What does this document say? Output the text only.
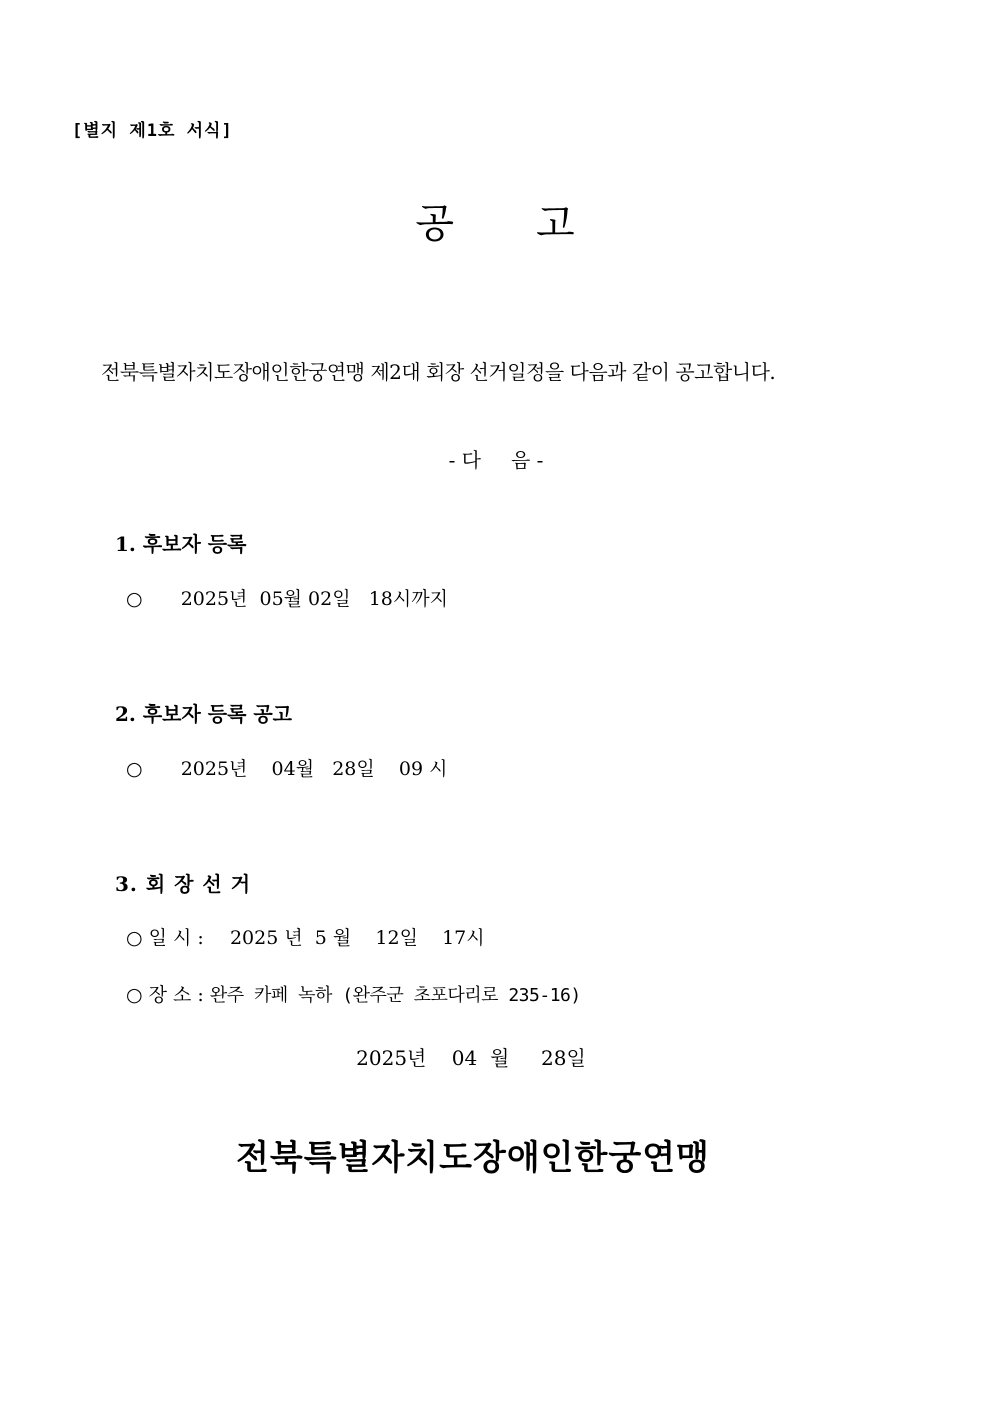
[별지 제1호 서식]
공 고
전북특별자치도장애인한궁연맹 제2대 회장 선거일정을 다음과 같이 공고합니다.
- 다 음 -
1. 후보자 등록
○ 2025년  05월 02일   18시까지
2. 후보자 등록 공고
○ 2025년    04월   28일    09 시
3. 회 장 선 거
○ 일 시 : 2025 년  5 월    12일    17시
○ 장 소 : 완주 카페 녹하 (완주군 초포다리로 235-16)
2025년    04  월     28일
전북특별자치도장애인한궁연맹
